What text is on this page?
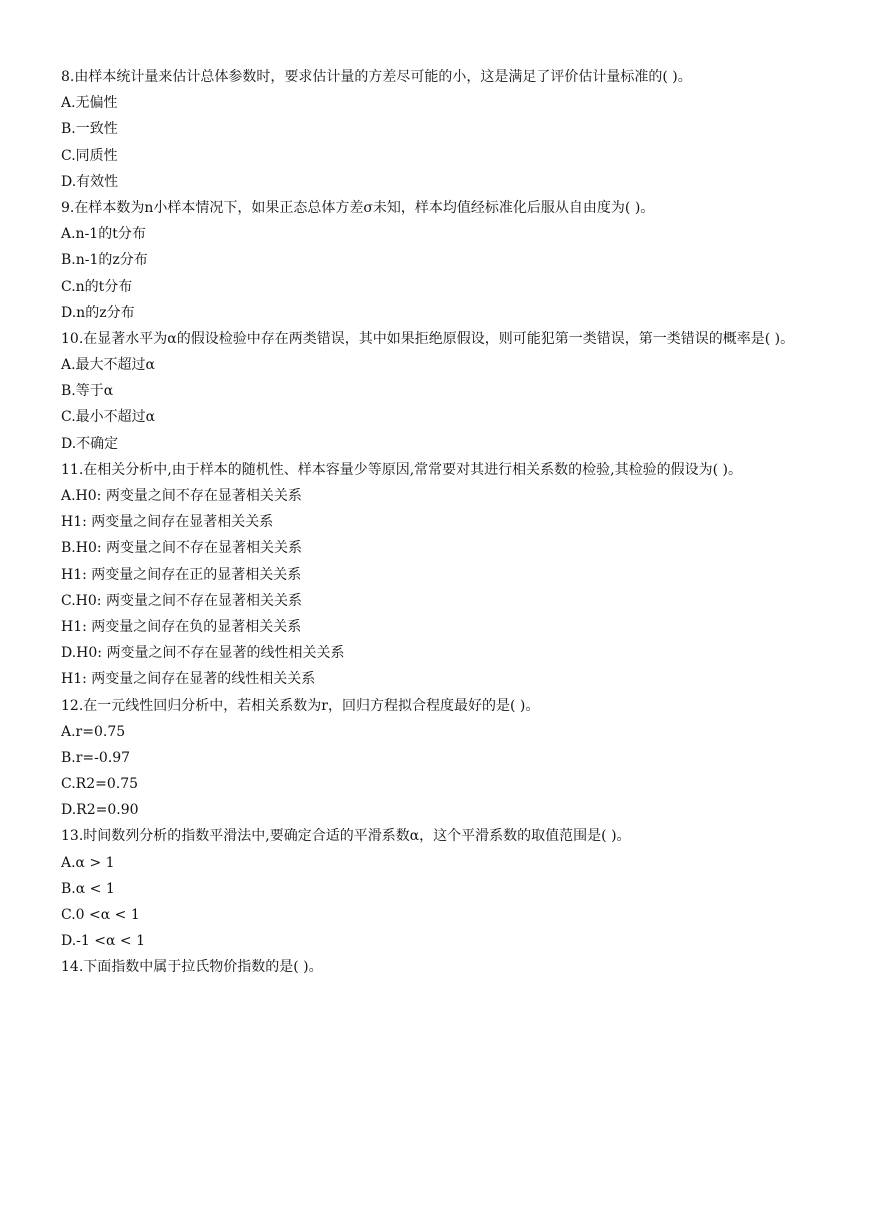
8.由样本统计量来估计总体参数时，要求估计量的方差尽可能的小，这是满足了评价估计量标准的( )。
A.无偏性
B.一致性
C.同质性
D.有效性
9.在样本数为n小样本情况下，如果正态总体方差σ未知，样本均值经标准化后服从自由度为( )。
A.n-1的t分布
B.n-1的z分布
C.n的t分布
D.n的z分布
10.在显著水平为α的假设检验中存在两类错误，其中如果拒绝原假设，则可能犯第一类错误，第一类错误的概率是( )。
A.最大不超过α
B.等于α
C.最小不超过α
D.不确定
11.在相关分析中,由于样本的随机性、样本容量少等原因,常常要对其进行相关系数的检验,其检验的假设为( )。
A.H0: 两变量之间不存在显著相关关系
H1: 两变量之间存在显著相关关系
B.H0: 两变量之间不存在显著相关关系
H1: 两变量之间存在正的显著相关关系
C.H0: 两变量之间不存在显著相关关系
H1: 两变量之间存在负的显著相关关系
D.H0: 两变量之间不存在显著的线性相关关系
H1: 两变量之间存在显著的线性相关关系
12.在一元线性回归分析中，若相关系数为r，回归方程拟合程度最好的是( )。
A.r=0.75
B.r=-0.97
C.R2=0.75
D.R2=0.90
13.时间数列分析的指数平滑法中,要确定合适的平滑系数α，这个平滑系数的取值范围是( )。
A.α > 1
B.α < 1
C.0 <α < 1
D.-1 <α < 1
14.下面指数中属于拉氏物价指数的是( )。
